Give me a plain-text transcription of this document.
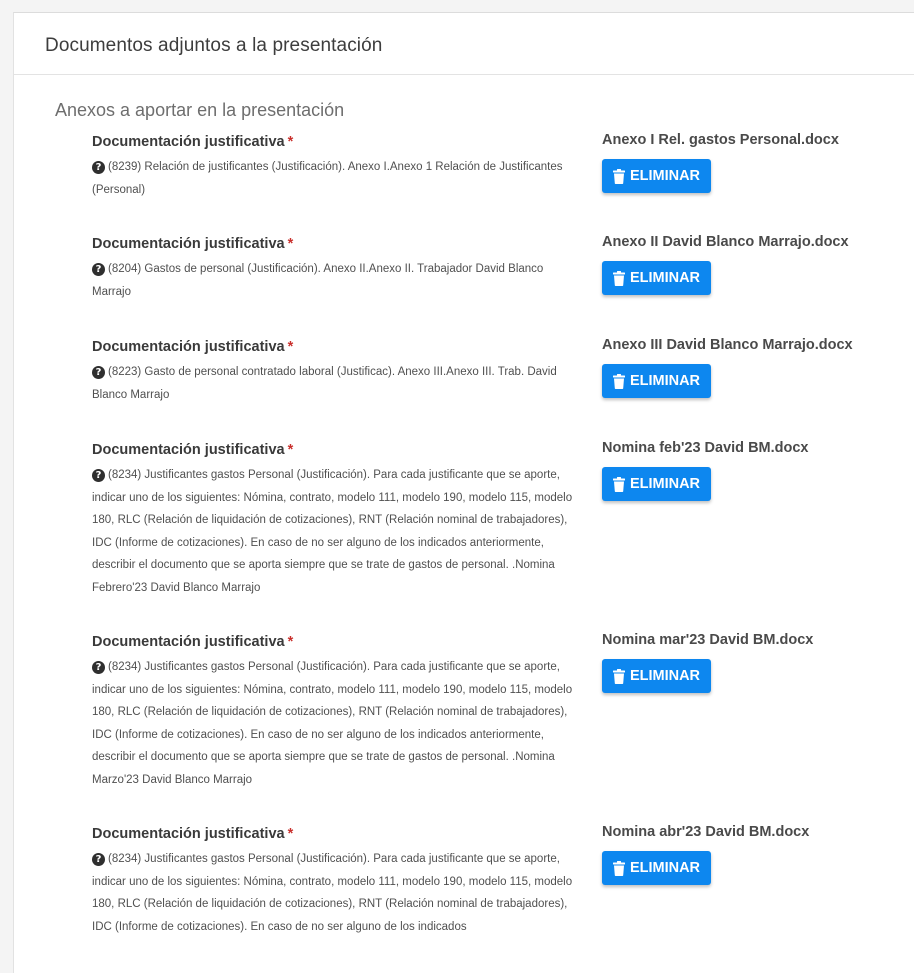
Documentos adjuntos a la presentación
Anexos a aportar en la presentación
Documentación justificativa *
? (8239) Relación de justificantes (Justificación). Anexo I.Anexo 1 Relación de Justificantes (Personal)
Anexo I Rel. gastos Personal.docx
ELIMINAR
Documentación justificativa *
? (8204) Gastos de personal (Justificación). Anexo II.Anexo II. Trabajador David Blanco Marrajo
Anexo II David Blanco Marrajo.docx
ELIMINAR
Documentación justificativa *
? (8223) Gasto de personal contratado laboral (Justificac). Anexo III.Anexo III. Trab. David Blanco Marrajo
Anexo III David Blanco Marrajo.docx
ELIMINAR
Documentación justificativa *
? (8234) Justificantes gastos Personal (Justificación). Para cada justificante que se aporte, indicar uno de los siguientes: Nómina, contrato, modelo 111, modelo 190, modelo 115, modelo 180, RLC (Relación de liquidación de cotizaciones), RNT (Relación nominal de trabajadores), IDC (Informe de cotizaciones). En caso de no ser alguno de los indicados anteriormente, describir el documento que se aporta siempre que se trate de gastos de personal. .Nomina Febrero'23 David Blanco Marrajo
Nomina feb'23 David BM.docx
ELIMINAR
Documentación justificativa *
? (8234) Justificantes gastos Personal (Justificación). Para cada justificante que se aporte, indicar uno de los siguientes: Nómina, contrato, modelo 111, modelo 190, modelo 115, modelo 180, RLC (Relación de liquidación de cotizaciones), RNT (Relación nominal de trabajadores), IDC (Informe de cotizaciones). En caso de no ser alguno de los indicados anteriormente, describir el documento que se aporta siempre que se trate de gastos de personal. .Nomina Marzo'23 David Blanco Marrajo
Nomina mar'23 David BM.docx
ELIMINAR
Documentación justificativa *
? (8234) Justificantes gastos Personal (Justificación). Para cada justificante que se aporte, indicar uno de los siguientes: Nómina, contrato, modelo 111, modelo 190, modelo 115, modelo 180, RLC (Relación de liquidación de cotizaciones), RNT (Relación nominal de trabajadores), IDC (Informe de cotizaciones). En caso de no ser alguno de los indicados
Nomina abr'23 David BM.docx
ELIMINAR
